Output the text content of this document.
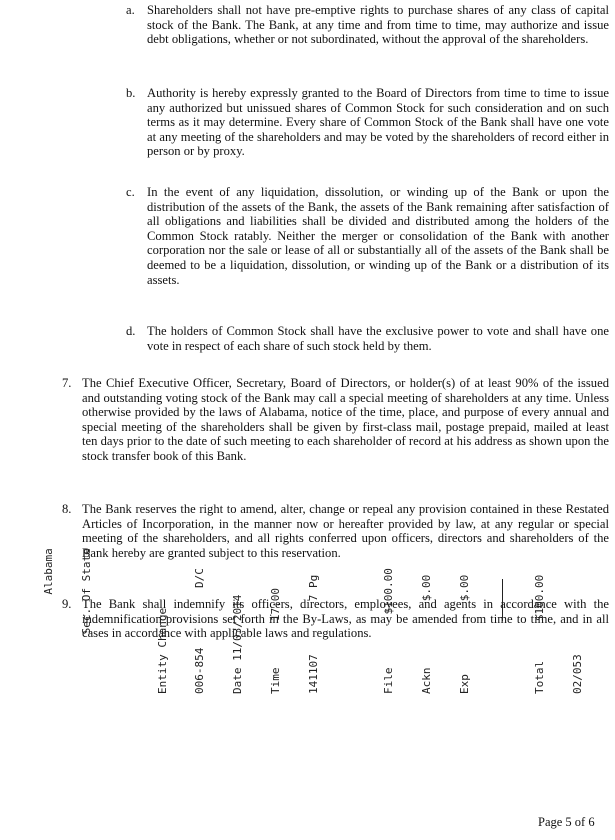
a. Shareholders shall not have pre-emptive rights to purchase shares of any class of capital stock of the Bank. The Bank, at any time and from time to time, may authorize and issue debt obligations, whether or not subordinated, without the approval of the shareholders.
b. Authority is hereby expressly granted to the Board of Directors from time to time to issue any authorized but unissued shares of Common Stock for such consideration and on such terms as it may determine. Every share of Common Stock of the Bank shall have one vote at any meeting of the shareholders and may be voted by the shareholders of record either in person or by proxy.
c. In the event of any liquidation, dissolution, or winding up of the Bank or upon the distribution of the assets of the Bank, the assets of the Bank remaining after satisfaction of all obligations and liabilities shall be divided and distributed among the holders of the Common Stock ratably. Neither the merger or consolidation of the Bank with another corporation nor the sale or lease of all or substantially all of the assets of the Bank shall be deemed to be a liquidation, dissolution, or winding up of the Bank or a distribution of its assets.
d. The holders of Common Stock shall have the exclusive power to vote and shall have one vote in respect of each share of such stock held by them.
7. The Chief Executive Officer, Secretary, Board of Directors, or holder(s) of at least 90% of the issued and outstanding voting stock of the Bank may call a special meeting of shareholders at any time. Unless otherwise provided by the laws of Alabama, notice of the time, place, and purpose of every annual and special meeting of the shareholders shall be given by first-class mail, postage prepaid, mailed at least ten days prior to the date of such meeting to each shareholder of record at his address as shown upon the stock transfer book of this Bank.
8. The Bank reserves the right to amend, alter, change or repeal any provision contained in these Restated Articles of Incorporation, in the manner now or hereafter provided by law, at any regular or special meeting of the shareholders, and all rights conferred upon officers, directors and shareholders of the Bank hereby are granted subject to this reservation.
9. The Bank shall indemnify its officers, directors, employees, and agents in accordance with the indemnification provisions set forth in the By-Laws, as may be amended from time to time, and in all cases in accordance with applicable laws and regulations.

Alabama

Sec. Of State

	Entity Change

006-854         D/C

Date 11/03/2014

Time       17:00

141107        7 Pg

	File        $100.00

Ackn          $.00

Exp           $.00

	Total      $100.00

02/053

Page 5 of 6
